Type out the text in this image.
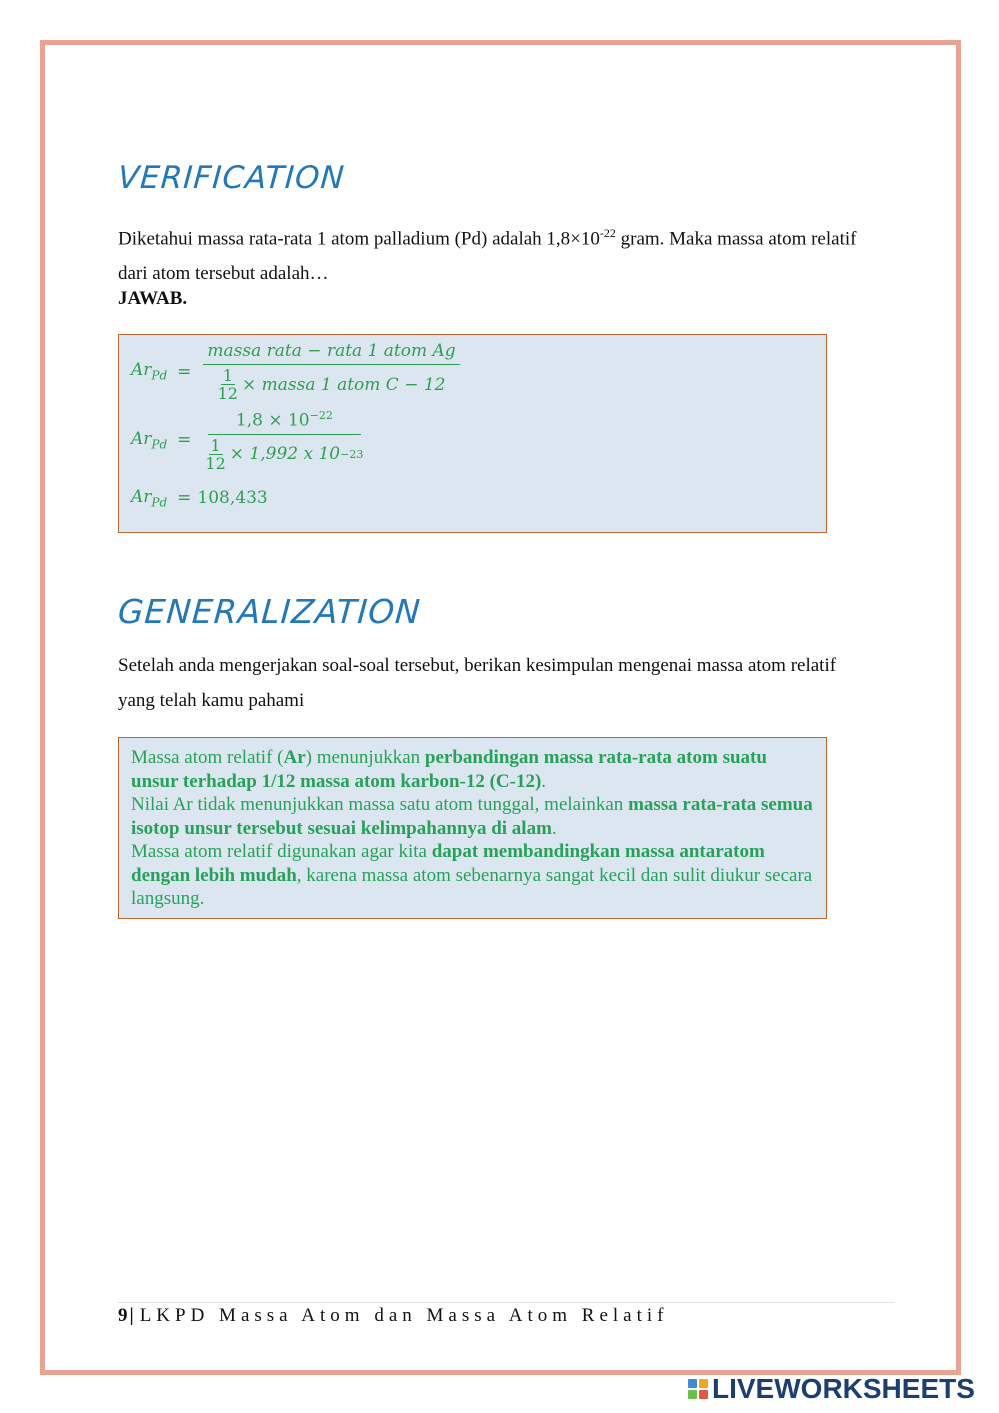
VERIFICATION

Diketahui massa rata-rata 1 atom palladium (Pd) adalah $1,8\times 10^{-22}$ gram. Maka massa atom relatif dari atom tersebut adalah…

JAWAB.

$Ar_{Pd} = \frac{\text{massa rata − rata 1 atom Ag}}{\frac{1}{12} \times massa 1 atom C - 12}$
$Ar_{Pd} = \frac{1,8 \times 10^{-22}}{\frac{1}{12} \times 1,992 x 10 -23}$
$Ar_{Pd} = 108,433$
GENERALIZATION

Setelah anda mengerjakan soal-soal tersebut, berikan kesimpulan mengenai massa atom relatif yang telah kamu pahami

Massa atom relatif (Ar) menunjukkan perbandingan massa rata-rata atom suatu unsur terhadap 1/12 massa atom karbon-12 (C-12).

Nilai Ar tidak menunjukkan massa satu atom tunggal, melainkan massa rata-rata semua isotop unsur tersebut sesuai kelimpahannya di alam.

Massa atom relatif digunakan agar kita dapat membandingkan massa antaratom dengan lebih mudah, karena massa atom sebenarnya sangat kecil dan sulit diukur secara langsung.

9 | LKPD Massa Atom dan Massa Atom Relatif

LIVEWORKSHEETS
